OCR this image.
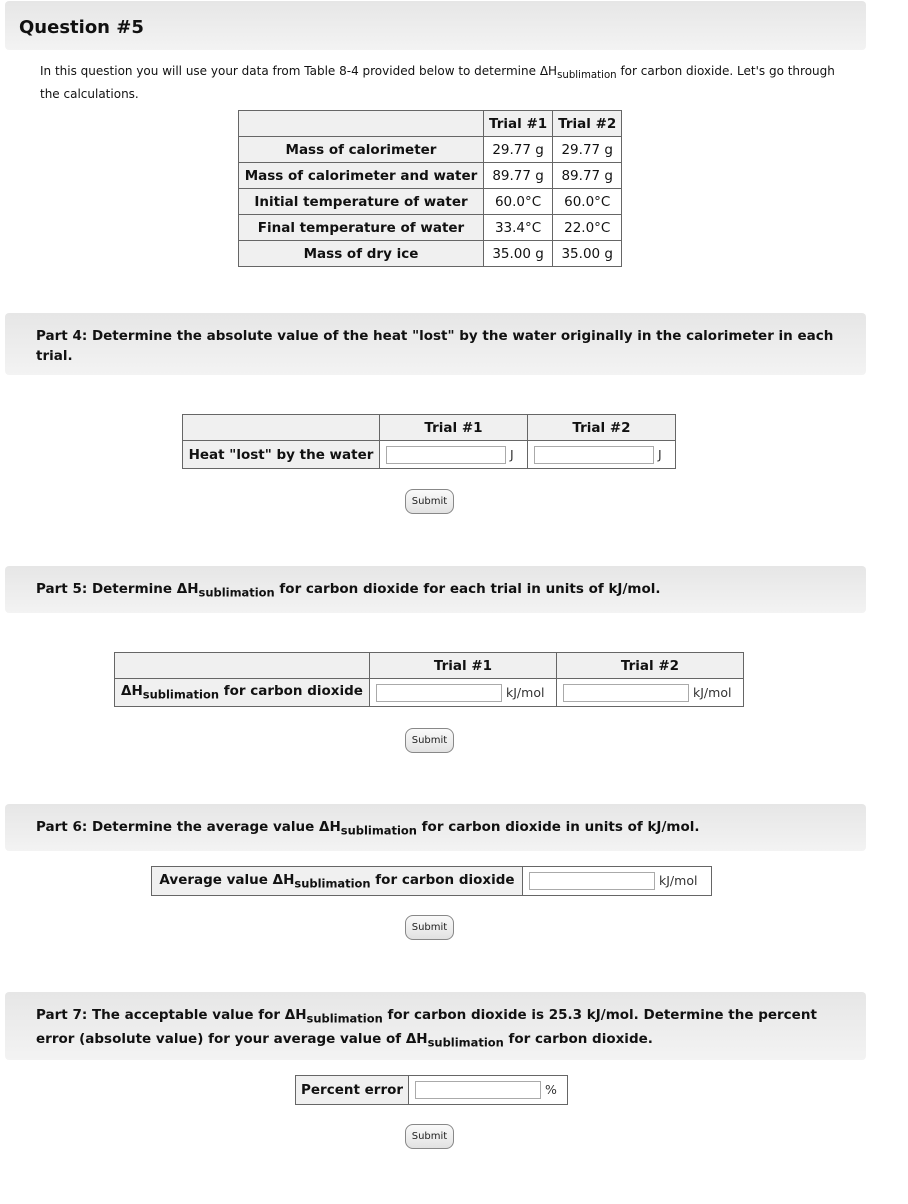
Question #5
In this question you will use your data from Table 8-4 provided below to determine $\Delta H_{sublimation}$ for carbon dioxide. Let's go through the calculations.
	Trial #1	Trial #2
Mass of calorimeter	29.77 g	29.77 g
Mass of calorimeter and water	89.77 g	89.77 g
Initial temperature of water	60.0°C	60.0°C
Final temperature of water	33.4°C	22.0°C
Mass of dry ice	35.00 g	35.00 g
Part 4: Determine the absolute value of the heat "lost" by the water originally in the calorimeter in each trial.
	Trial #1	Trial #2
Heat "lost" by the water	J	J
Submit
Part 5: Determine $\Delta H_{sublimation}$ for carbon dioxide for each trial in units of kJ/mol.
	Trial #1	Trial #2
$\Delta H_{sublimation}$ for carbon dioxide	kJ/mol	kJ/mol
Submit
Part 6: Determine the average value $\Delta H_{sublimation}$ for carbon dioxide in units of kJ/mol.
Average value $\Delta H_{sublimation}$ for carbon dioxide	kJ/mol
Submit
Part 7: The acceptable value for $\Delta H_{sublimation}$ for carbon dioxide is 25.3 kJ/mol. Determine the percent error (absolute value) for your average value of $\Delta H_{sublimation}$ for carbon dioxide.
Percent error	%
Submit
